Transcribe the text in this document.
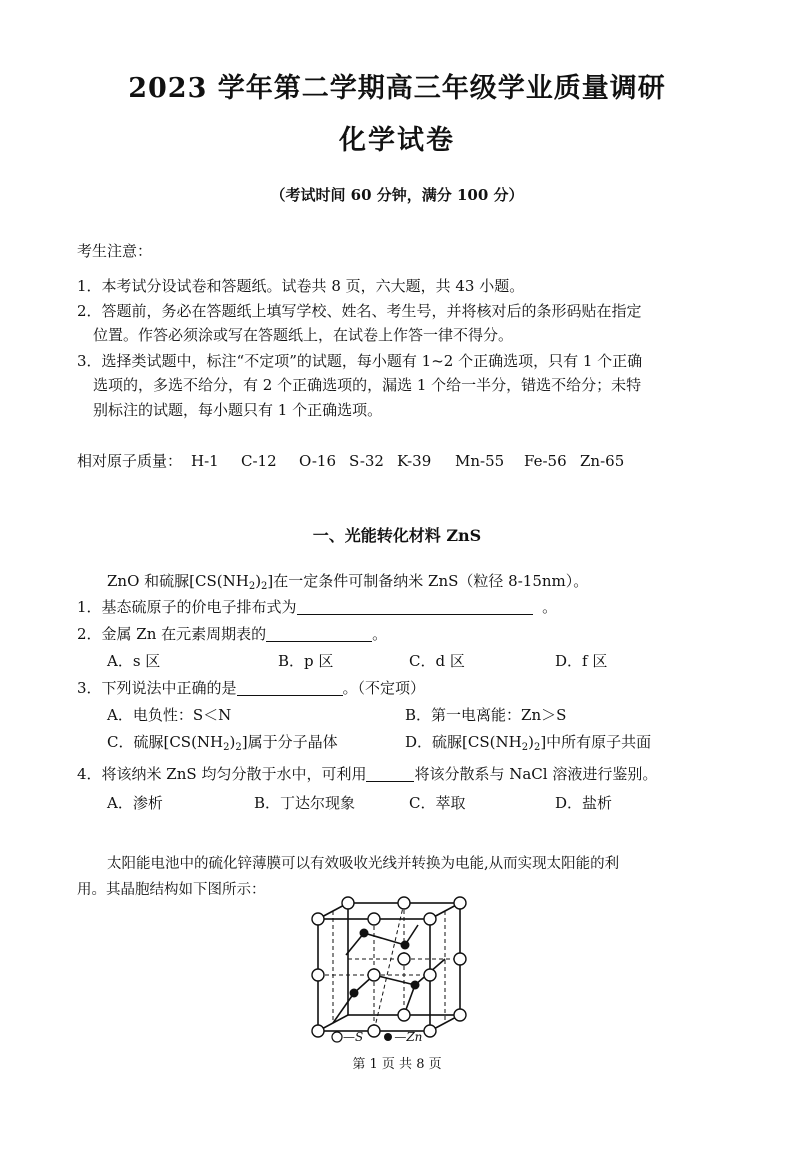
2023 学年第二学期高三年级学业质量调研
化学试卷
（考试时间 60 分钟，满分 100 分）
考生注意：
1．本考试分设试卷和答题纸。试卷共 8 页，六大题，共 43 小题。
2．答题前，务必在答题纸上填写学校、姓名、考生号，并将核对后的条形码贴在指定
位置。作答必须涂或写在答题纸上，在试卷上作答一律不得分。
3．选择类试题中，标注“不定项”的试题，每小题有 1~2 个正确选项，只有 1 个正确
选项的，多选不给分，有 2 个正确选项的，漏选 1 个给一半分，错选不给分；未特
别标注的试题，每小题只有 1 个正确选项。
相对原子质量： H-1 C-12 O-16 S-32 K-39 Mn-55 Fe-56 Zn-65
一、光能转化材料 ZnS
ZnO 和硫脲$[CS(NH_2)_2]$在一定条件可制备纳米 ZnS（粒径 8-15nm）。
1．基态硫原子的价电子排布式为	。
2．金属 Zn 在元素周期表的	。
A．s 区	B．p 区	C．d 区	D．f 区
3．下列说法中正确的是	。（不定项）
A．电负性：S＜N	B．第一电离能：Zn＞S
C．硫脲$[CS(NH_2)_2]$属于分子晶体	D．硫脲$[CS(NH_2)_2]$中所有原子共面
4．将该纳米 ZnS 均匀分散于水中，可利用	将该分散系与 NaCl 溶液进行鉴别。
A．渗析	B．丁达尔现象	C．萃取	D．盐析
太阳能电池中的硫化锌薄膜可以有效吸收光线并转换为电能,从而实现太阳能的利
用。其晶胞结构如下图所示：
—S	—Zn
第 1 页 共 8 页
